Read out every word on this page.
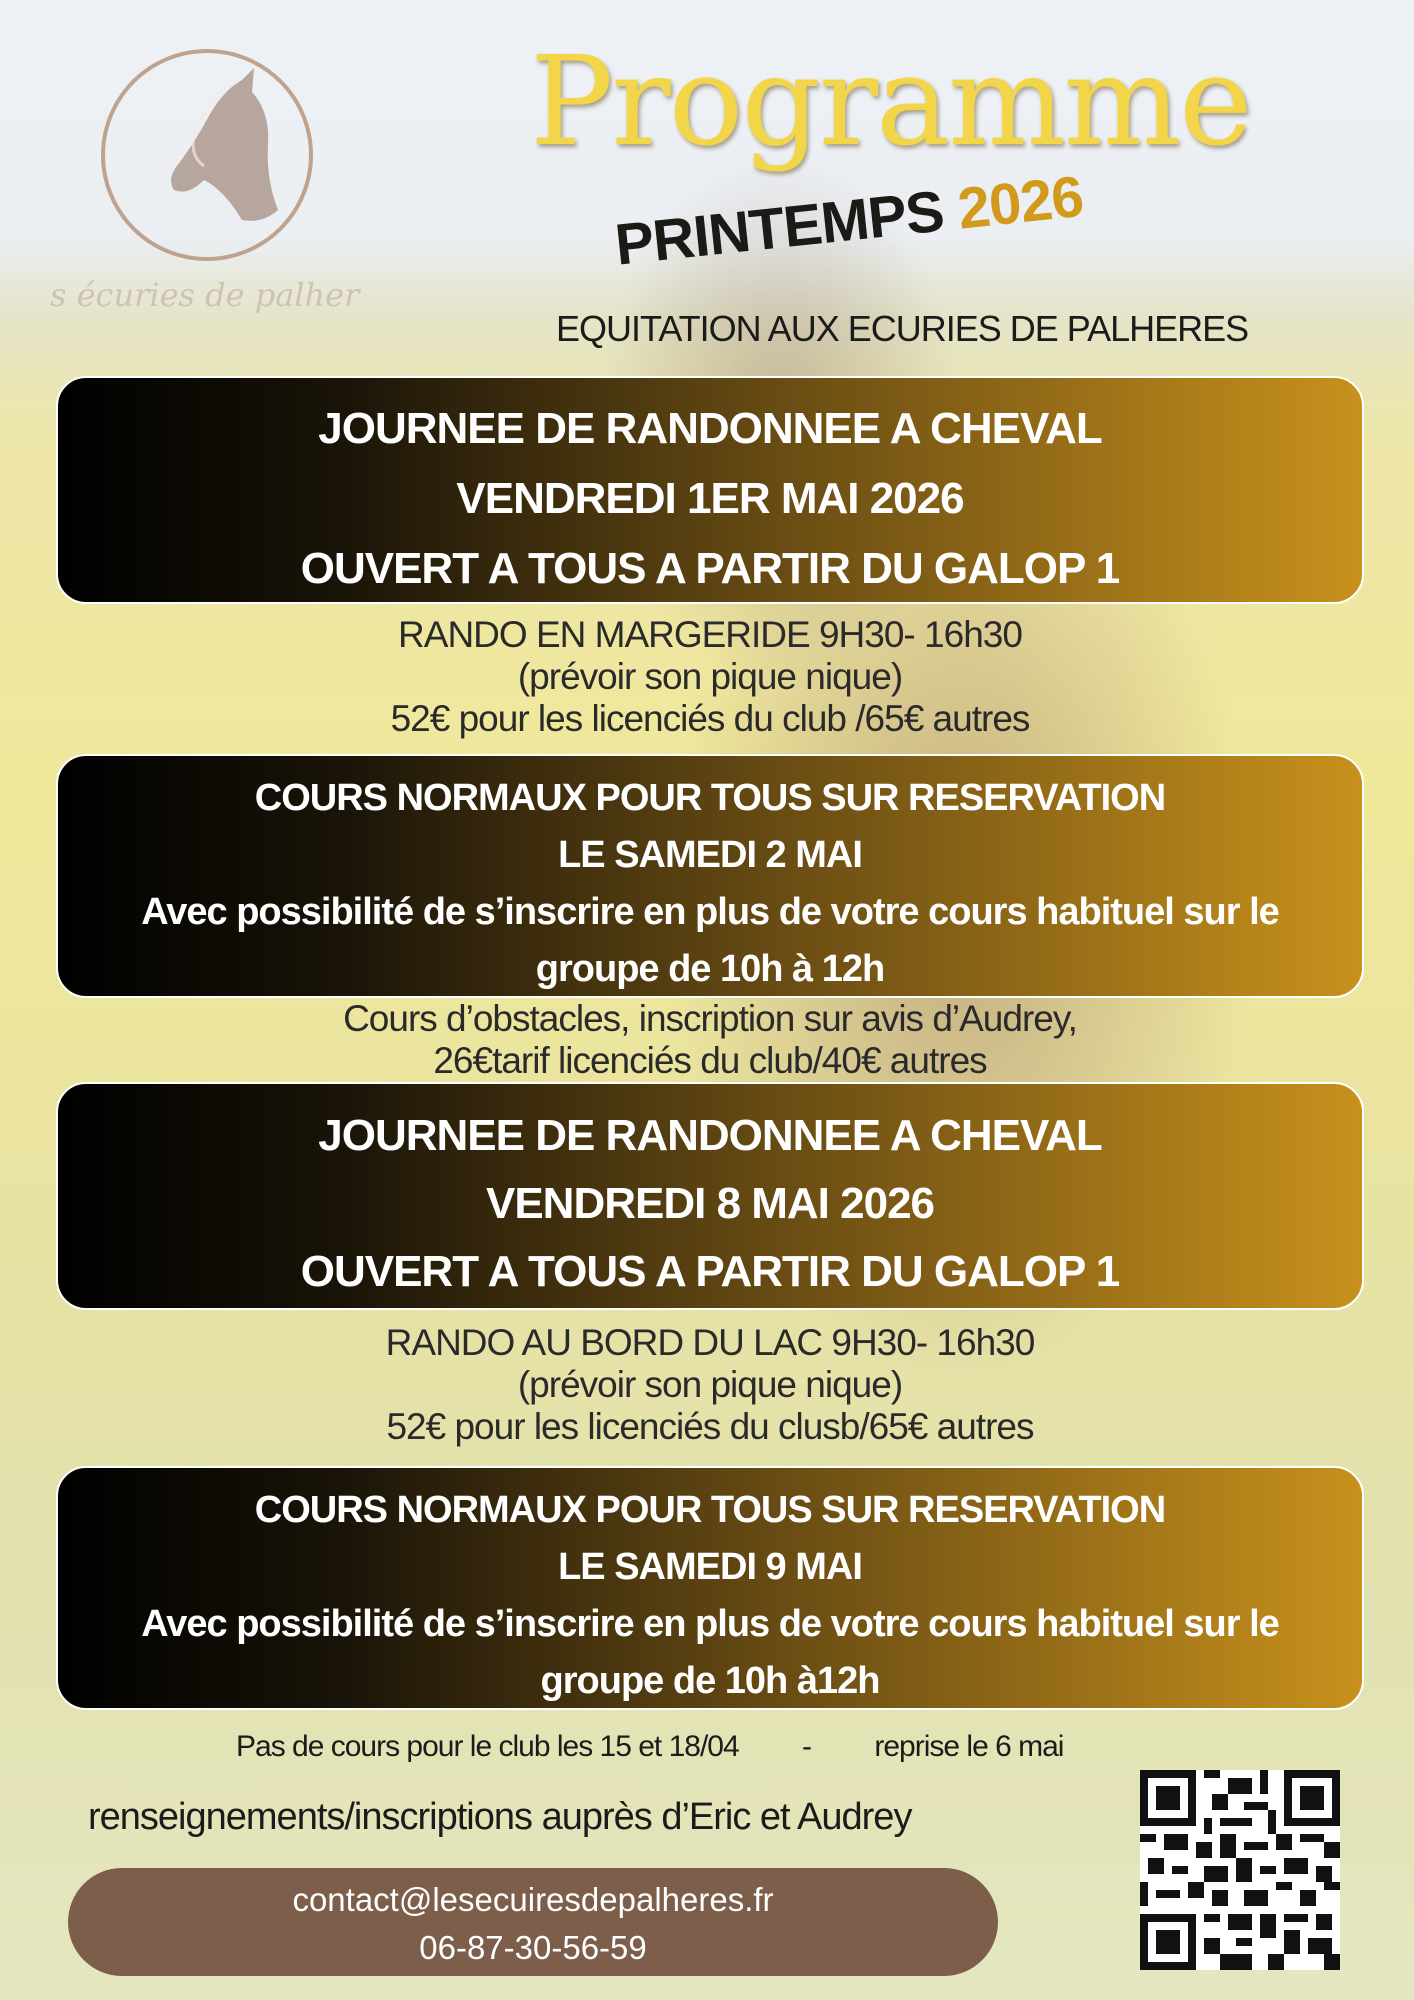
s écuries de palher
Programme
PRINTEMPS 2026
EQUITATION AUX ECURIES DE PALHERES
JOURNEE DE RANDONNEE A CHEVAL
VENDREDI 1ER MAI 2026
OUVERT A TOUS A PARTIR DU GALOP 1
RANDO EN MARGERIDE 9H30- 16h30
(prévoir son pique nique)
52€ pour les licenciés du club /65€ autres
COURS NORMAUX POUR TOUS SUR RESERVATION
LE SAMEDI 2 MAI
Avec possibilité de s’inscrire en plus de votre cours habituel sur le
groupe de 10h à 12h
Cours d’obstacles, inscription sur avis d’Audrey,
26€tarif licenciés du club/40€ autres
JOURNEE DE RANDONNEE A CHEVAL
VENDREDI 8 MAI 2026
OUVERT A TOUS A PARTIR DU GALOP 1
RANDO AU BORD DU LAC 9H30- 16h30
(prévoir son pique nique)
52€ pour les licenciés du clusb/65€ autres
COURS NORMAUX POUR TOUS SUR RESERVATION
LE SAMEDI 9 MAI
Avec possibilité de s’inscrire en plus de votre cours habituel sur le
groupe de 10h à12h
Pas de cours pour le club les 15 et 18/04 - reprise le 6 mai
renseignements/inscriptions auprès d’Eric et Audrey
contact@lesecuiresdepalheres.fr
06-87-30-56-59
